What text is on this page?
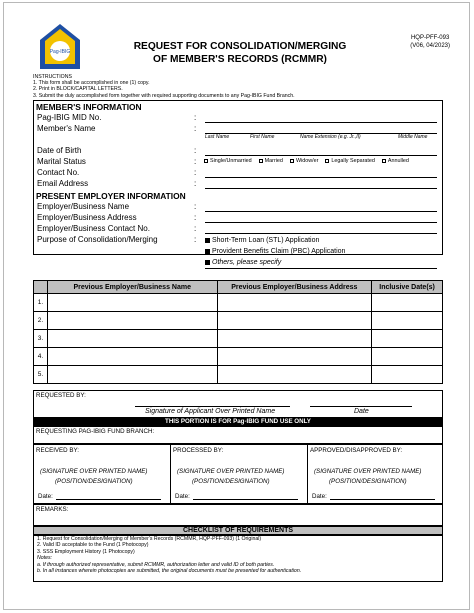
Pag-IBIG	REQUEST FOR CONSOLIDATION/MERGING
OF MEMBER'S RECORDS (RCMMR)
HQP-PFF-093
(V06, 04/2023)
INSTRUCTIONS
1. This form shall be accomplished in one (1) copy.
2. Print in BLOCK/CAPITAL LETTERS.
3. Submit the duly accomplished form together with required supporting documents to any Pag-IBIG Fund Branch.
MEMBER'S INFORMATION
Pag-IBIG MID No.	:
Member's Name	:
Last Name	First Name	Name Extension (e.g. Jr.,II)	Middle Name
Date of Birth	:
Marital Status	:	Single/Unmarried	Married	Widow/er	Legally Separated	Annulled
Contact No.	:
Email Address	:
PRESENT EMPLOYER INFORMATION
Employer/Business Name	:
Employer/Business Address	:
Employer/Business Contact No.	:
Purpose of Consolidation/Merging	:	Short-Term Loan (STL) Application
Provident Benefits Claim (PBC) Application
Others, please specify
	Previous Employer/Business Name	Previous Employer/Business Address	Inclusive Date(s)
1.			
2.			
3.			
4.			
5.			
REQUESTED BY:
Signature of Applicant Over Printed Name	Date
THIS PORTION IS FOR Pag-IBIG FUND USE ONLY
REQUESTING PAG-IBIG FUND BRANCH:
RECEIVED BY:	PROCESSED BY:	APPROVED/DISAPPROVED BY:
(SIGNATURE OVER PRINTED NAME)	(SIGNATURE OVER PRINTED NAME)	(SIGNATURE OVER PRINTED NAME)
(POSITION/DESIGNATION)	(POSITION/DESIGNATION)	(POSITION/DESIGNATION)
Date:	Date:	Date:
REMARKS:
CHECKLIST OF REQUIREMENTS
1. Request for Consolidation/Merging of Member's Records (RCMMR, HQP-PFF-093) (1 Original)
2. Valid ID acceptable to the Fund (1 Photocopy)
3. SSS Employment History (1 Photocopy)
Notes:
a. If through authorized representative, submit RCMMR, authorization letter and valid ID of both parties.
b. In all instances wherein photocopies are submitted, the original documents must be presented for authentication.
